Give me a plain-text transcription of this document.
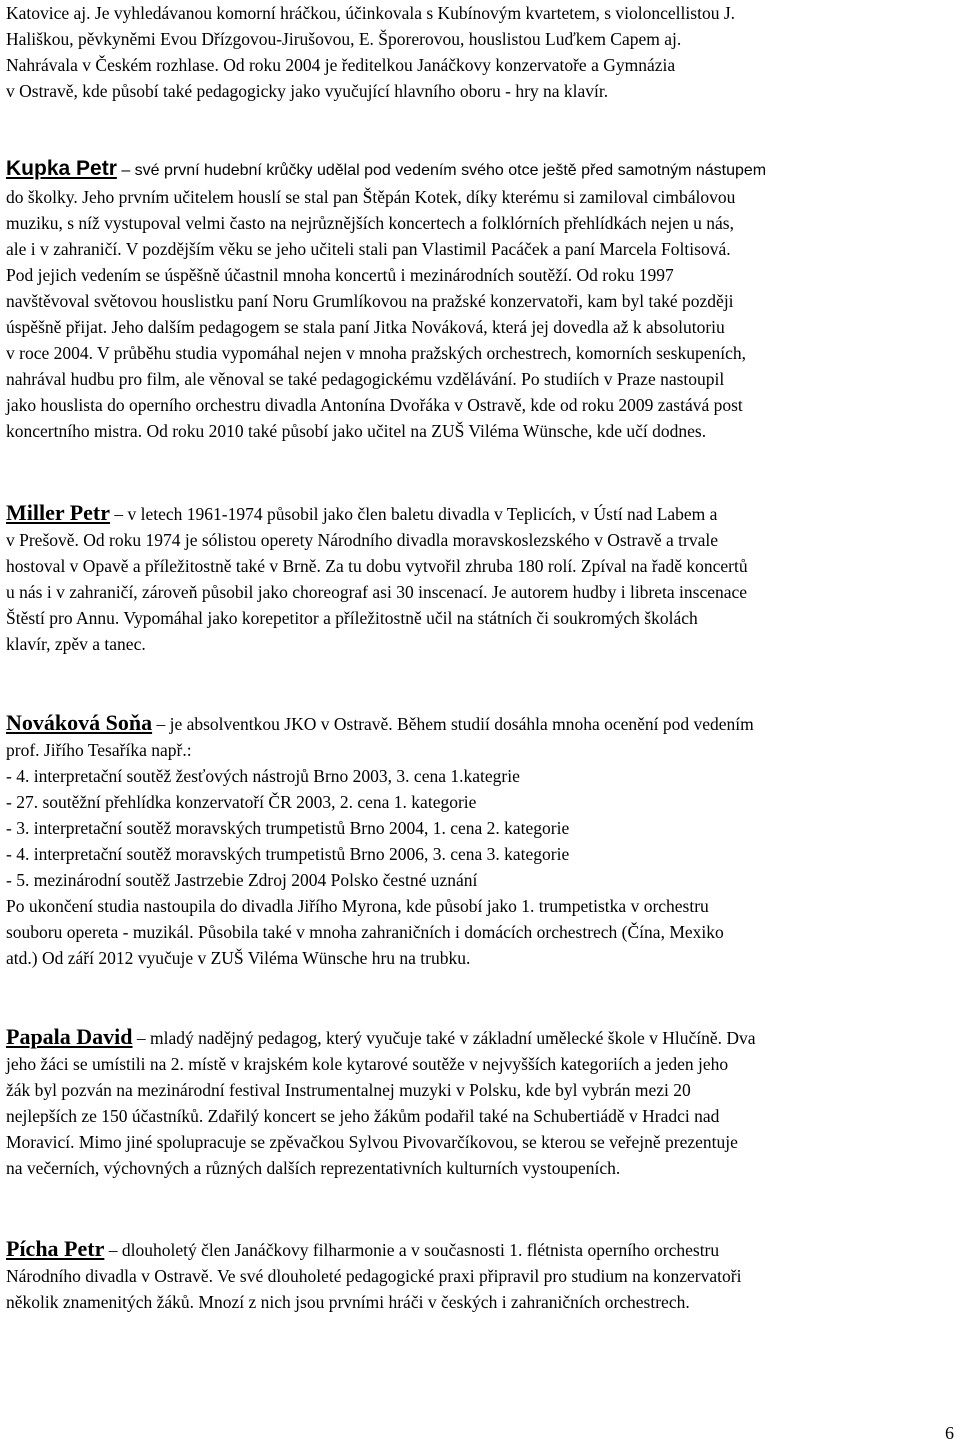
Katovice aj. Je vyhledávanou komorní hráčkou, účinkovala s Kubínovým kvartetem, s violoncellistou J.
Hališkou, pěvkyněmi Evou Dřízgovou-Jirušovou, E. Šporerovou, houslistou Luďkem Capem aj.
Nahrávala v Českém rozhlase. Od roku 2004 je ředitelkou Janáčkovy konzervatoře a Gymnázia
v Ostravě, kde působí také pedagogicky jako vyučující hlavního oboru - hry na klavír.

Kupka Petr – své první hudební krůčky udělal pod vedením svého otce ještě před samotným nástupem
do školky. Jeho prvním učitelem houslí se stal pan Štěpán Kotek, díky kterému si zamiloval cimbálovou
muziku, s níž vystupoval velmi často na nejrůznějších koncertech a folklórních přehlídkách nejen u nás,
ale i v zahraničí. V pozdějším věku se jeho učiteli stali pan Vlastimil Pacáček a paní Marcela Foltisová.
Pod jejich vedením se úspěšně účastnil mnoha koncertů i mezinárodních soutěží. Od roku 1997
navštěvoval světovou houslistku paní Noru Grumlíkovou na pražské konzervatoři, kam byl také později
úspěšně přijat. Jeho dalším pedagogem se stala paní Jitka Nováková, která jej dovedla až k absolutoriu
v roce 2004. V průběhu studia vypomáhal nejen v mnoha pražských orchestrech, komorních seskupeních,
nahrával hudbu pro film, ale věnoval se také pedagogickému vzdělávání. Po studiích v Praze nastoupil
jako houslista do operního orchestru divadla Antonína Dvořáka v Ostravě, kde od roku 2009 zastává post
koncertního mistra. Od roku 2010 také působí jako učitel na ZUŠ Viléma Wünsche, kde učí dodnes.

Miller Petr – v letech 1961-1974 působil jako člen baletu divadla v Teplicích, v Ústí nad Labem a
v Prešově. Od roku 1974 je sólistou operety Národního divadla moravskoslezského v Ostravě a trvale
hostoval v Opavě a příležitostně také v Brně. Za tu dobu vytvořil zhruba 180 rolí. Zpíval na řadě koncertů
u nás i v zahraničí, zároveň působil jako choreograf asi 30 inscenací. Je autorem hudby i libreta inscenace
Štěstí pro Annu. Vypomáhal jako korepetitor a příležitostně učil na státních či soukromých školách
klavír, zpěv a tanec.

Nováková Soňa – je absolventkou JKO v Ostravě. Během studií dosáhla mnoha ocenění pod vedením
prof. Jiřího Tesaříka např.:
- 4. interpretační soutěž žesťových nástrojů Brno 2003, 3. cena 1.kategrie
- 27. soutěžní přehlídka konzervatoří ČR 2003, 2. cena 1. kategorie
- 3. interpretační soutěž moravských trumpetistů Brno 2004, 1. cena 2. kategorie
- 4. interpretační soutěž moravských trumpetistů Brno 2006, 3. cena 3. kategorie
- 5. mezinárodní soutěž Jastrzebie Zdroj 2004 Polsko čestné uznání
Po ukončení studia nastoupila do divadla Jiřího Myrona, kde působí jako 1. trumpetistka v orchestru
souboru opereta - muzikál. Působila také v mnoha zahraničních i domácích orchestrech (Čína, Mexiko
atd.) Od září 2012 vyučuje v ZUŠ Viléma Wünsche hru na trubku.

Papala David – mladý nadějný pedagog, který vyučuje také v základní umělecké škole v Hlučíně. Dva
jeho žáci se umístili na 2. místě v krajském kole kytarové soutěže v nejvyšších kategoriích a jeden jeho
žák byl pozván na mezinárodní festival Instrumentalnej muzyki v Polsku, kde byl vybrán mezi 20
nejlepších ze 150 účastníků. Zdařilý koncert se jeho žákům podařil také na Schubertiádě v Hradci nad
Moravicí. Mimo jiné spolupracuje se zpěvačkou Sylvou Pivovarčíkovou, se kterou se veřejně prezentuje
na večerních, výchovných a různých dalších reprezentativních kulturních vystoupeních.

Pícha Petr – dlouholetý člen Janáčkovy filharmonie a v současnosti 1. flétnista operního orchestru
Národního divadla v Ostravě. Ve své dlouholeté pedagogické praxi připravil pro studium na konzervatoři
několik znamenitých žáků. Mnozí z nich jsou prvními hráči v českých i zahraničních orchestrech.

6
